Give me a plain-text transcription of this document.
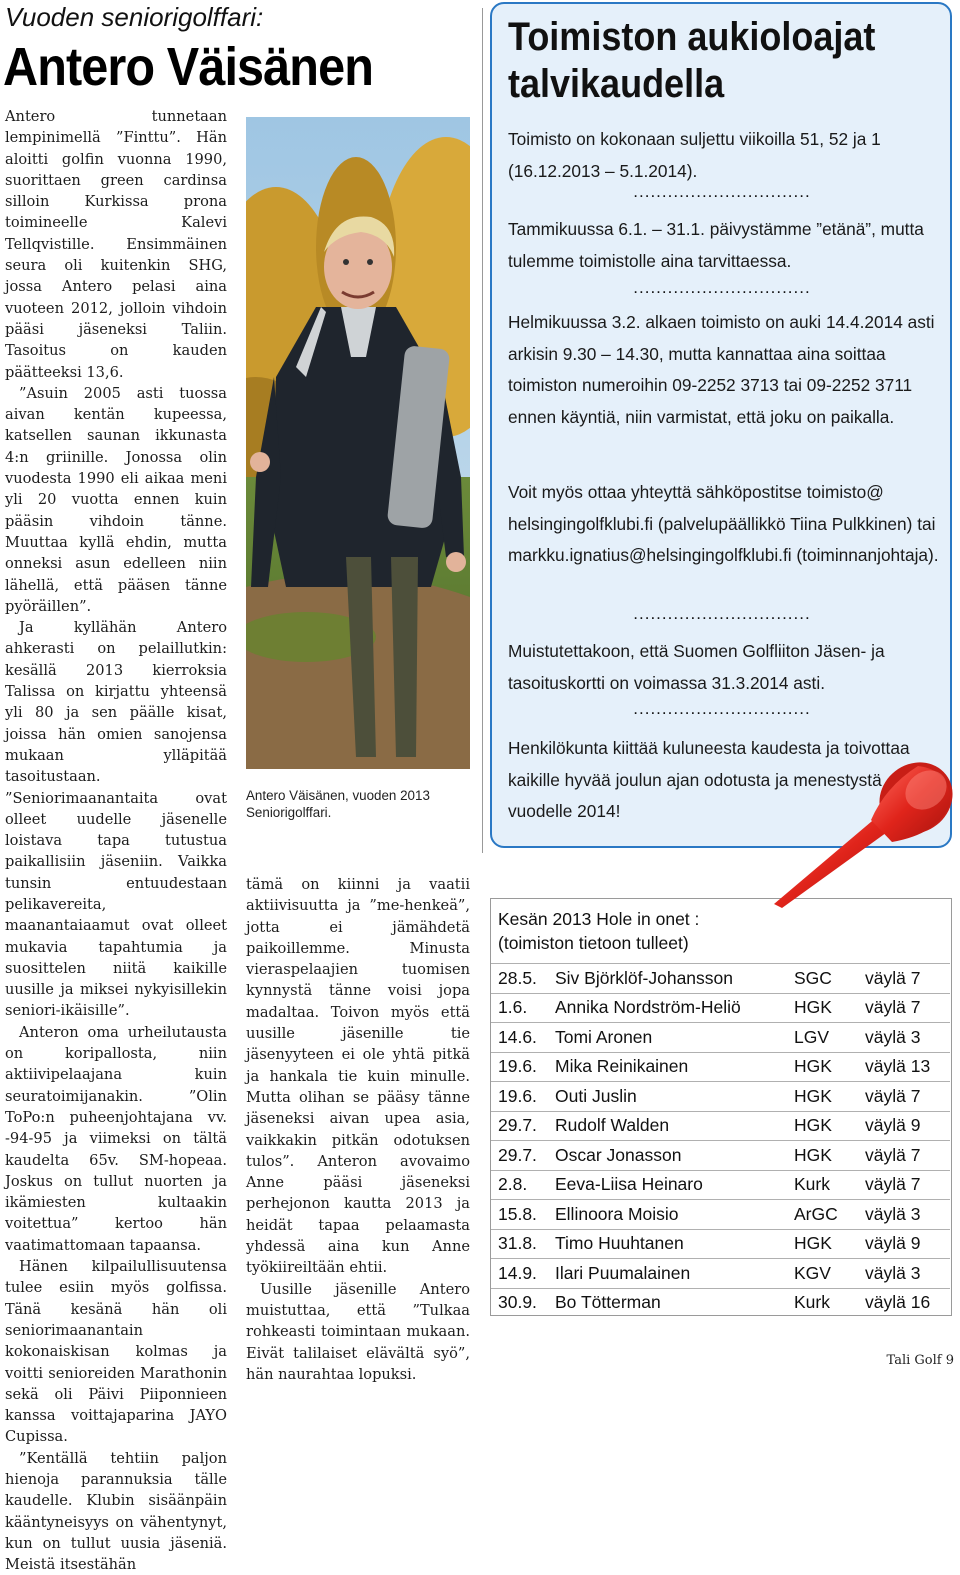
Vuoden seniorigolffari:
Antero Väisänen

Antero tunnetaan lempinimellä ”Finttu”. Hän aloitti golfin vuonna 1990, suorittaen green cardinsa silloin Kurkissa prona toimineelle Kalevi Tellqvistille. Ensimmäinen seura oli kuitenkin SHG, jossa Antero pelasi aina vuoteen 2012, jolloin vihdoin pääsi jäseneksi Taliin. Tasoitus on kauden päätteeksi 13,6.

”Asuin 2005 asti tuossa aivan kentän kupeessa, katsellen saunan ikkunasta 4:n griinille. Jonossa olin vuodesta 1990 eli aikaa meni yli 20 vuotta ennen kuin pääsin vihdoin tänne. Muuttaa kyllä ehdin, mutta onneksi asun edelleen niin lähellä, että pääsen tänne pyöräillen”.

Ja kyllähän Antero ahkerasti on pelaillutkin: kesällä 2013 kierroksia Talissa on kirjattu yhteensä yli 80 ja sen päälle kisat, joissa hän omien sanojensa mukaan ylläpitää tasoitustaan. ”Seniorimaanantaita ovat olleet uudelle jäsenelle loistava tapa tutustua paikallisiin jäseniin. Vaikka tunsin entuudestaan pelikavereita, maanantaiaamut ovat olleet mukavia tapahtumia ja suosittelen niitä kaikille uusille ja miksei nykyisillekin seniori-ikäisille”.

Anteron oma urheilutausta on koripallosta, niin aktiivipelaajana kuin seuratoimijanakin. ”Olin ToPo:n puheenjohtajana vv. -94-95 ja viimeksi on tältä kaudelta 65v. SM-hopeaa. Joskus on tullut nuorten ja ikämiesten kultaakin voitettua” kertoo hän vaatimattomaan tapaansa.

Hänen kilpailullisuutensa tulee esiin myös golfissa. Tänä kesänä hän oli seniorimaanantain kokonaiskisan kolmas ja voitti senioreiden Marathonin sekä oli Päivi Piiponnieen kanssa voittajaparina JAYO Cupissa.

”Kentällä tehtiin paljon hienoja parannuksia tälle kaudelle. Klubin sisäänpäin kääntyneisyys on vähentynyt, kun on tullut uusia jäseniä. Meistä itsestähän

Antero Väisänen, vuoden 2013 Seniorigolffari.

tämä on kiinni ja vaatii aktiivisuutta ja ”me-henkeä”, jotta ei jämähdetä paikoillemme. Minusta vieraspelaajien tuomisen kynnystä tänne voisi jopa madaltaa. Toivon myös että uusille jäsenille tie jäsenyyteen ei ole yhtä pitkä ja hankala tie kuin minulle. Mutta olihan se pääsy tänne jäseneksi aivan upea asia, vaikkakin pitkän odotuksen tulos”. Anteron avovaimo Anne pääsi jäseneksi perhejonon kautta 2013 ja heidät tapaa pelaamasta yhdessä aina kun Anne työkiireiltään ehtii.

Uusille jäsenille Antero muistuttaa, että ”Tulkaa rohkeasti toimintaan mukaan. Eivät talilaiset elävältä syö”, hän naurahtaa lopuksi.

Toimiston aukioloajat talvikaudella

Toimisto on kokonaan suljettu viikoilla 51, 52 ja 1 (16.12.2013 – 5.1.2014).

...............................

Tammikuussa 6.1. – 31.1. päivystämme ”etänä”, mutta tulemme toimistolle aina tarvittaessa.

...............................

Helmikuussa 3.2. alkaen toimisto on auki 14.4.2014 asti arkisin 9.30 – 14.30, mutta kannattaa aina soittaa toimiston numeroihin 09-2252 3713 tai 09-2252 3711 ennen käyntiä, niin varmistat, että joku on paikalla.

Voit myös ottaa yhteyttä sähköpostitse toimisto@ helsingingolfklubi.fi (palvelupäällikkö Tiina Pulkkinen) tai markku.ignatius@helsingingolfklubi.fi (toiminnanjohtaja).

...............................

Muistutettakoon, että Suomen Golfliiton Jäsen- ja tasoituskortti on voimassa 31.3.2014 asti.

...............................

Henkilökunta kiittää kuluneesta kaudesta ja toivottaa kaikille hyvää joulun ajan odotusta ja menestystä vuodelle 2014!

Kesän 2013 Hole in onet :
(toimiston tietoon tulleet)
28.5.	Siv Björklöf-Johansson	SGC	väylä 7
1.6.	Annika Nordström-Heliö	HGK	väylä 7
14.6.	Tomi Aronen	LGV	väylä 3
19.6.	Mika Reinikainen	HGK	väylä 13
19.6.	Outi Juslin	HGK	väylä 7
29.7.	Rudolf Walden	HGK	väylä 9
29.7.	Oscar Jonasson	HGK	väylä 7
2.8.	Eeva-Liisa Heinaro	Kurk	väylä 7
15.8.	Ellinoora Moisio	ArGC	väylä 3
31.8.	Timo Huuhtanen	HGK	väylä 9
14.9.	Ilari Puumalainen	KGV	väylä 3
30.9.	Bo Tötterman	Kurk	väylä 16
Tali Golf 9
